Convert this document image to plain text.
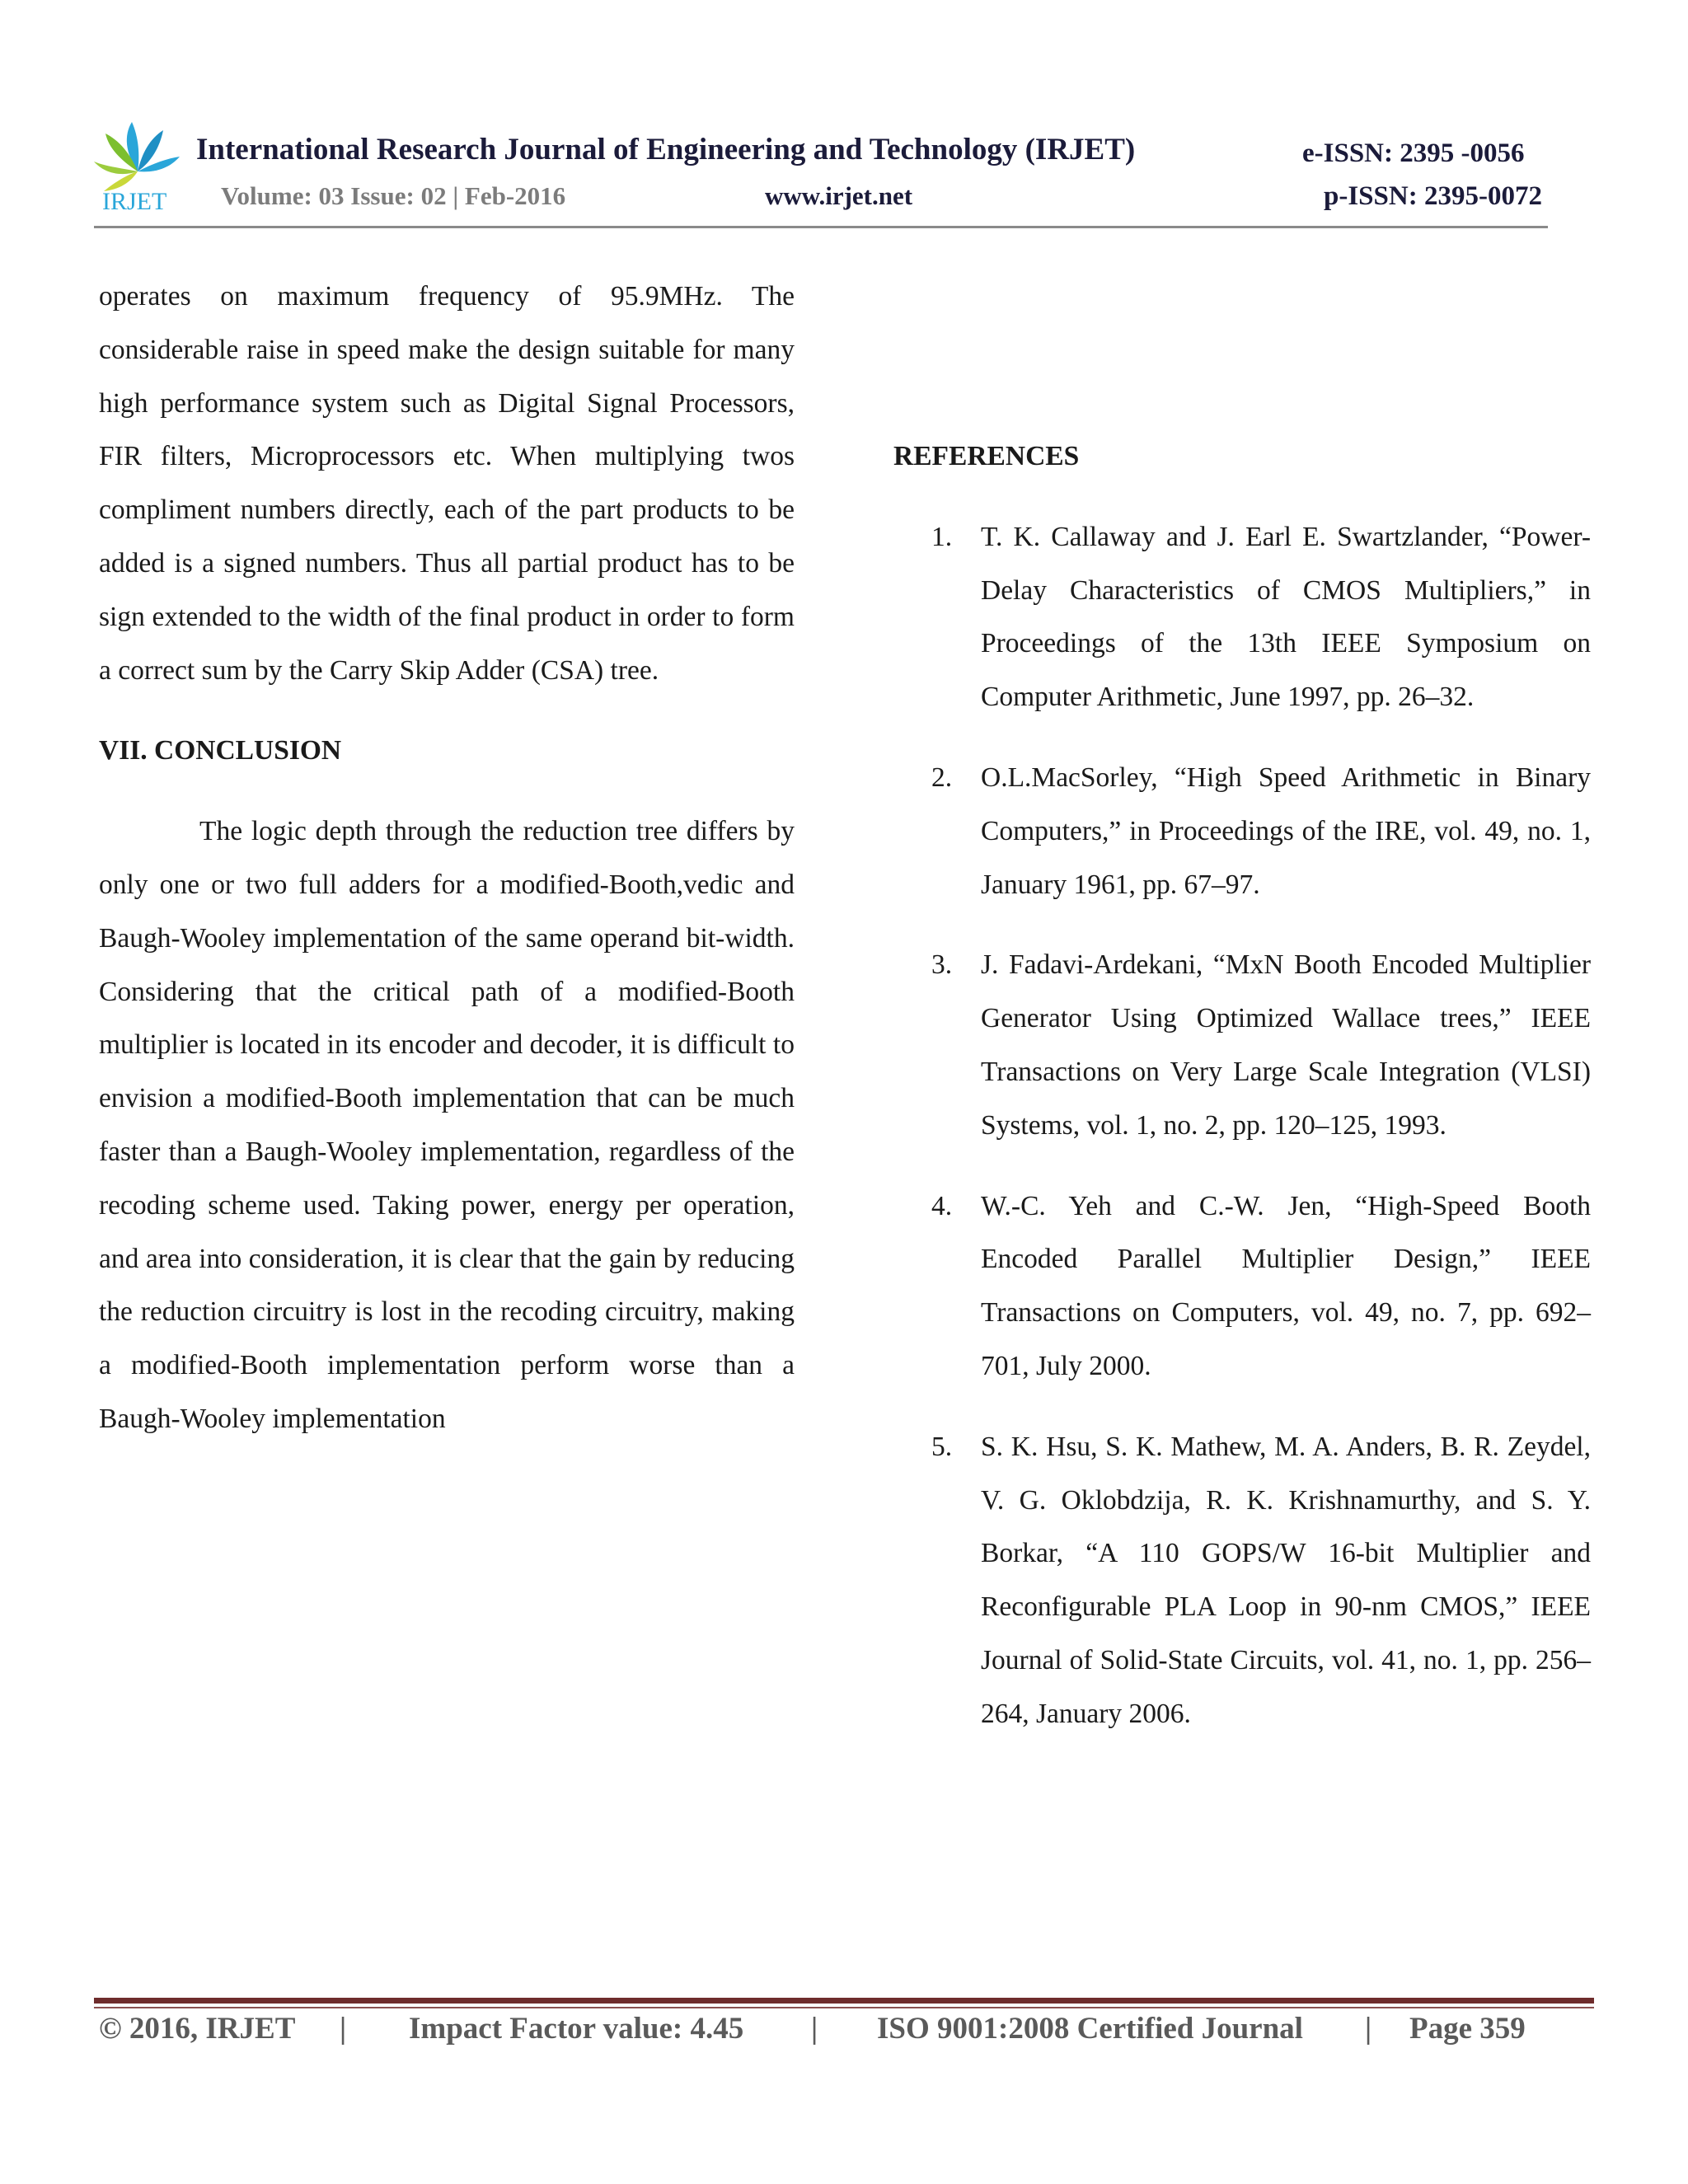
IRJET
International Research Journal of Engineering and Technology (IRJET)	e-ISSN: 2395 -0056
Volume: 03 Issue: 02 | Feb-2016	www.irjet.net	p-ISSN: 2395-0072

operates on maximum frequency of 95.9MHz. The considerable raise in speed make the design suitable for many high performance system such as Digital Signal Processors, FIR filters, Microprocessors etc. When multiplying twos compliment numbers directly, each of the part products to be added is a signed numbers. Thus all partial product has to be sign extended to the width of the final product in order to form a correct sum by the Carry Skip Adder (CSA) tree.

VII. CONCLUSION

The logic depth through the reduction tree differs by only one or two full adders for a modified-Booth,vedic and Baugh-Wooley implementation of the same operand bit-width. Considering that the critical path of a modified-Booth multiplier is located in its encoder and decoder, it is difficult to envision a modified-Booth implementation that can be much faster than a Baugh-Wooley implementation, regardless of the recoding scheme used. Taking power, energy per operation, and area into consideration, it is clear that the gain by reducing the reduction circuitry is lost in the recoding circuitry, making a modified-Booth implementation perform worse than a Baugh-Wooley implementation

REFERENCES
1. T. K. Callaway and J. Earl E. Swartzlander, “Power-Delay Characteristics of CMOS Multipliers,” in Proceedings of the 13th IEEE Symposium on Computer Arithmetic, June 1997, pp. 26–32.

2. O.L.MacSorley, “High Speed Arithmetic in Binary Computers,” in Proceedings of the IRE, vol. 49, no. 1, January 1961, pp. 67–97.

3. J. Fadavi-Ardekani, “MxN Booth Encoded Multiplier Generator Using Optimized Wallace trees,” IEEE Transactions on Very Large Scale Integration (VLSI) Systems, vol. 1, no. 2, pp. 120–125, 1993.

4. W.-C. Yeh and C.-W. Jen, “High-Speed Booth Encoded Parallel Multiplier Design,” IEEE Transactions on Computers, vol. 49, no. 7, pp. 692–701, July 2000.

5. S. K. Hsu, S. K. Mathew, M. A. Anders, B. R. Zeydel, V. G. Oklobdzija, R. K. Krishnamurthy, and S. Y. Borkar, “A 110 GOPS/W 16-bit Multiplier and Reconfigurable PLA Loop in 90-nm CMOS,” IEEE Journal of Solid-State Circuits, vol. 41, no. 1, pp. 256–264, January 2006.

© 2016, IRJET | Impact Factor value: 4.45 | ISO 9001:2008 Certified Journal | Page 359
